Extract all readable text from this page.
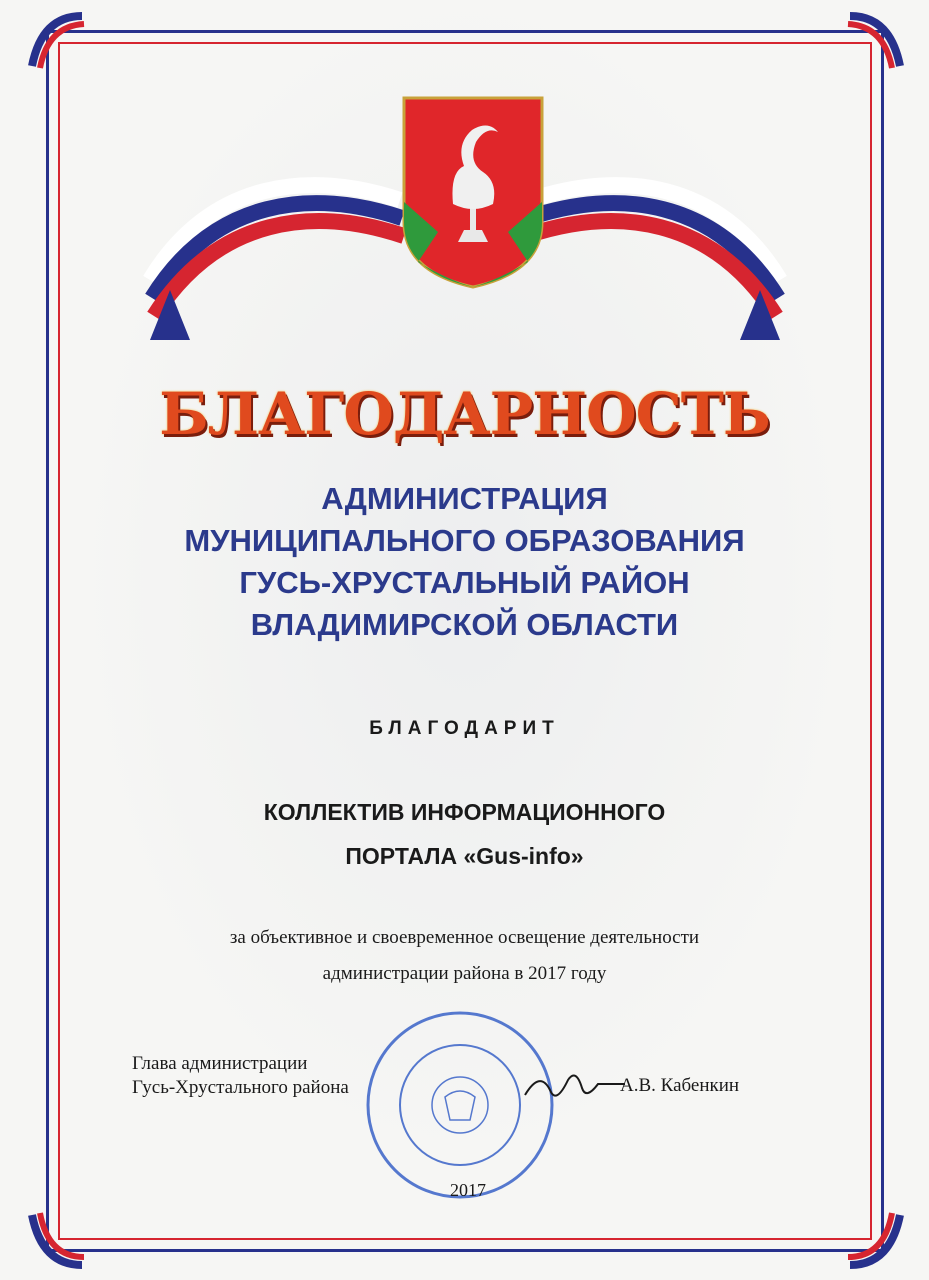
БЛАГОДАРНОСТЬ
АДМИНИСТРАЦИЯ
МУНИЦИПАЛЬНОГО ОБРАЗОВАНИЯ
ГУСЬ-ХРУСТАЛЬНЫЙ РАЙОН
ВЛАДИМИРСКОЙ ОБЛАСТИ
БЛАГОДАРИТ
КОЛЛЕКТИВ ИНФОРМАЦИОННОГО
ПОРТАЛА «Gus-info»
за объективное и своевременное освещение деятельности
администрации района в 2017 году
Глава администрации
Гусь-Хрустального района	А.В. Кабенкин
2017
